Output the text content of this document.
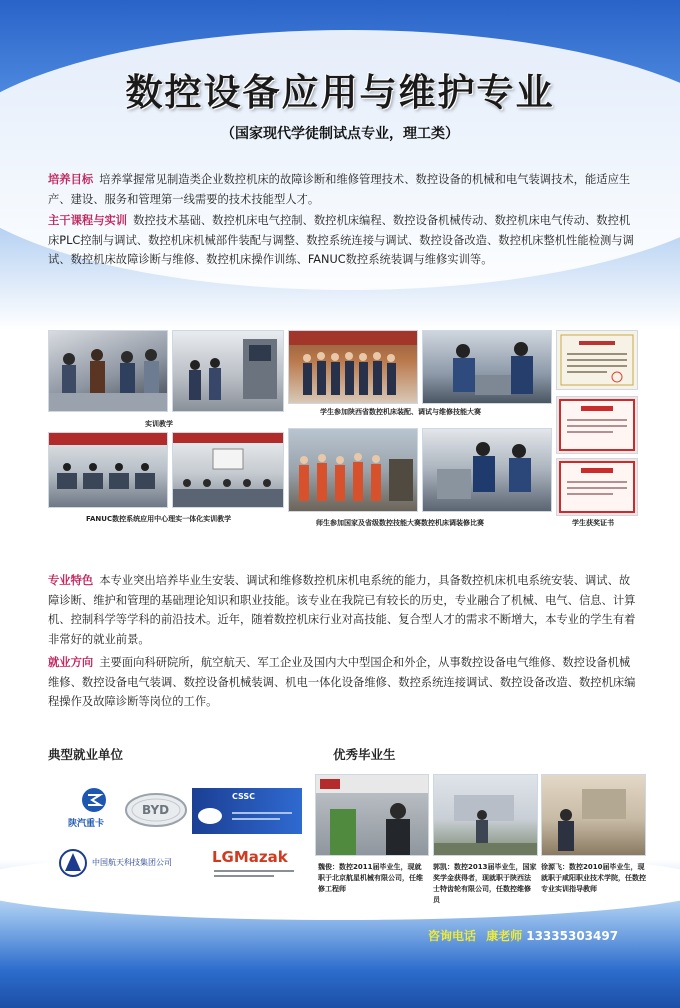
数控设备应用与维护专业
（国家现代学徒制试点专业，理工类）

培养目标 培养掌握常见制造类企业数控机床的故障诊断和维修管理技术、数控设备的机械和电气装调技术，能适应生产、建设、服务和管理第一线需要的技术技能型人才。

主干课程与实训 数控技术基础、数控机床电气控制、数控机床编程、数控设备机械传动、数控机床电气传动、数控机床PLC控制与调试、数控机床机械部件装配与调整、数控系统连接与调试、数控设备改造、数控机床整机性能检测与调试、数控机床故障诊断与维修、数控机床操作训练、FANUC数控系统装调与维修实训等。

实训教学
学生参加陕西省数控机床装配、调试与维修技能大赛
FANUC数控系统应用中心理实一体化实训教学	师生参加国家及省级数控技能大赛数控机床调装修比赛	学生获奖证书

专业特色 本专业突出培养毕业生安装、调试和维修数控机床机电系统的能力，具备数控机床机电系统安装、调试、故障诊断、维护和管理的基础理论知识和职业技能。该专业在我院已有较长的历史，专业融合了机械、电气、信息、计算机、控制科学等学科的前沿技术。近年，随着数控机床行业对高技能、复合型人才的需求不断增大，本专业的学生有着非常好的就业前景。

就业方向 主要面向科研院所，航空航天、军工企业及国内大中型国企和外企，从事数控设备电气维修、数控设备机械维修、数控设备电气装调、数控设备机械装调、机电一体化设备维修、数控系统连接调试、数控设备改造、数控机床编程操作及故障诊断等岗位的工作。

典型就业单位	优秀毕业生
陕汽重卡
BYD
CSSC
中国航天科技集团公司	LGMazak
魏俊：数控2011届毕业生，现就职于北京航星机械有限公司，任维修工程师
郭凯：数控2013届毕业生，国家奖学金获得者，现就职于陕西法士特齿轮有限公司，任数控维修员
徐源飞：数控2010届毕业生，现就职于咸阳职业技术学院，任数控专业实训指导教师
咨询电话 康老师 13335303497
